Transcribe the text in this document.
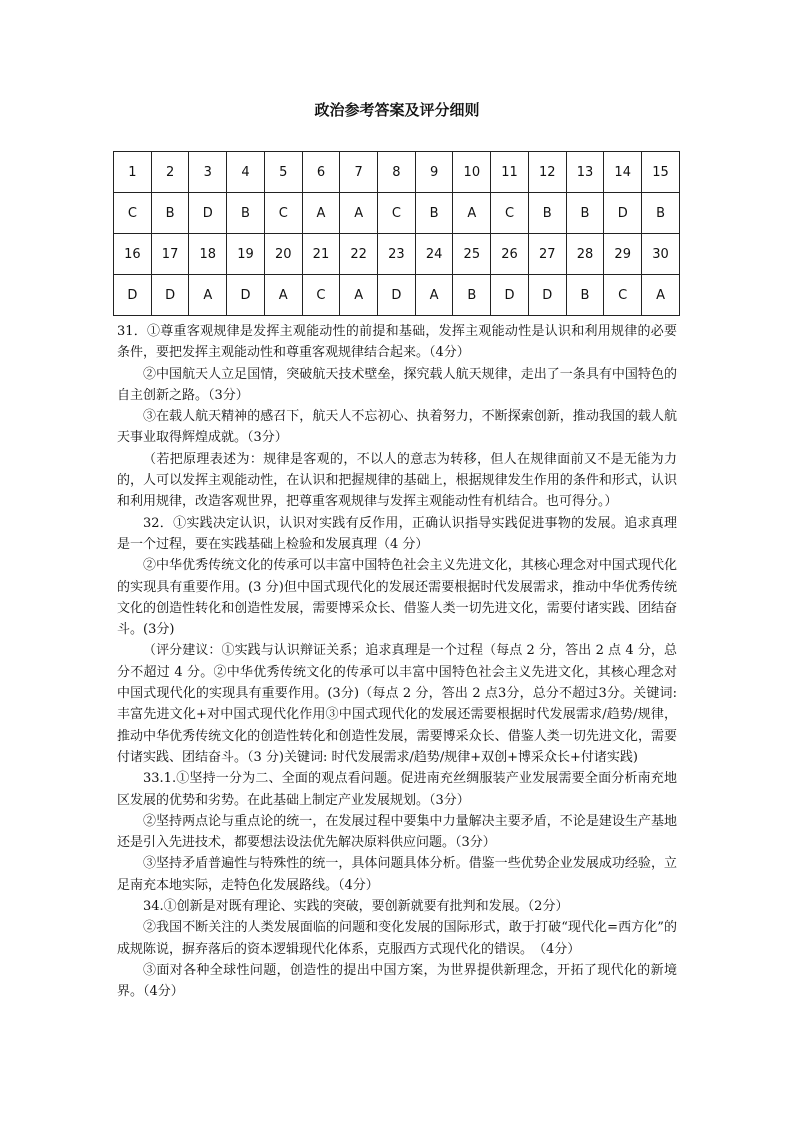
政治参考答案及评分细则
1	2	3	4	5	6	7	8	9	10	11	12	13	14	15
C	B	D	B	C	A	A	C	B	A	C	B	B	D	B
16	17	18	19	20	21	22	23	24	25	26	27	28	29	30
D	D	A	D	A	C	A	D	A	B	D	D	B	C	A

31．①尊重客观规律是发挥主观能动性的前提和基础，发挥主观能动性是认识和利用规律的必要条件，要把发挥主观能动性和尊重客观规律结合起来。（4分）

②中国航天人立足国情，突破航天技术壁垒，探究载人航天规律，走出了一条具有中国特色的自主创新之路。（3分）

③在载人航天精神的感召下，航天人不忘初心、执着努力，不断探索创新，推动我国的载人航天事业取得辉煌成就。（3分）

（若把原理表述为：规律是客观的，不以人的意志为转移，但人在规律面前又不是无能为力的，人可以发挥主观能动性，在认识和把握规律的基础上，根据规律发生作用的条件和形式，认识和利用规律，改造客观世界，把尊重客观规律与发挥主观能动性有机结合。也可得分。）

32．①实践决定认识，认识对实践有反作用，正确认识指导实践促进事物的发展。追求真理是一个过程，要在实践基础上检验和发展真理（4 分）

②中华优秀传统文化的传承可以丰富中国特色社会主义先进文化，其核心理念对中国式现代化的实现具有重要作用。(3 分)但中国式现代化的发展还需要根据时代发展需求，推动中华优秀传统文化的创造性转化和创造性发展，需要博采众长、借鉴人类一切先进文化，需要付诸实践、团结奋斗。(3分)

（评分建议：①实践与认识辩证关系；追求真理是一个过程（每点 2 分，答出 2 点 4 分，总分不超过 4 分。②中华优秀传统文化的传承可以丰富中国特色社会主义先进文化，其核心理念对中国式现代化的实现具有重要作用。(3分)（每点 2 分，答出 2 点3分，总分不超过3分。关键词: 丰富先进文化+对中国式现代化作用③中国式现代化的发展还需要根据时代发展需求/趋势/规律，推动中华优秀传统文化的创造性转化和创造性发展，需要博采众长、借鉴人类一切先进文化，需要付诸实践、团结奋斗。（3 分)关键词: 时代发展需求/趋势/规律+双创+博采众长+付诸实践)

33.1.①坚持一分为二、全面的观点看问题。促进南充丝绸服装产业发展需要全面分析南充地区发展的优势和劣势。在此基础上制定产业发展规划。（3分）

②坚持两点论与重点论的统一，在发展过程中要集中力量解决主要矛盾，不论是建设生产基地还是引入先进技术，都要想法设法优先解决原料供应问题。（3分）

③坚持矛盾普遍性与特殊性的统一，具体问题具体分析。借鉴一些优势企业发展成功经验，立足南充本地实际，走特色化发展路线。（4分）

34.①创新是对既有理论、实践的突破，要创新就要有批判和发展。（2分）

②我国不断关注的人类发展面临的问题和变化发展的国际形式，敢于打破“现代化=西方化”的成规陈说，摒弃落后的资本逻辑现代化体系，克服西方式现代化的错误。　（4分）

③面对各种全球性问题，创造性的提出中国方案，为世界提供新理念，开拓了现代化的新境界。（4分）
